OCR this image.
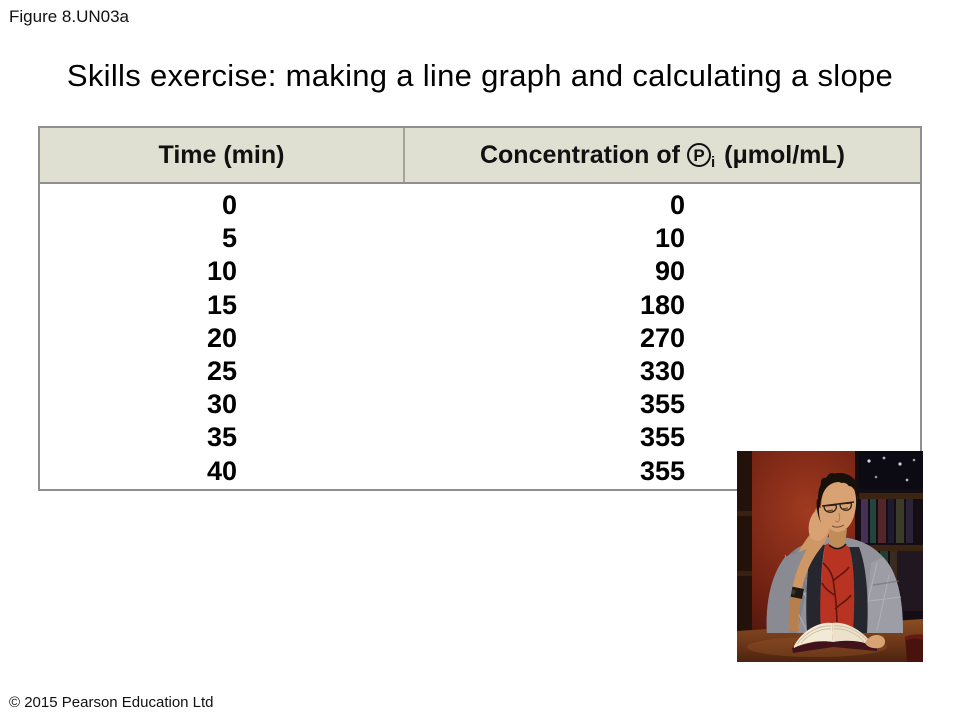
Figure 8.UN03a
Skills exercise: making a line graph and calculating a slope
Time (min)	Concentration of P i (μmol/mL)
0	0
5	10
10	90
15	180
20	270
25	330
30	355
35	355
40	355
© 2015 Pearson Education Ltd
